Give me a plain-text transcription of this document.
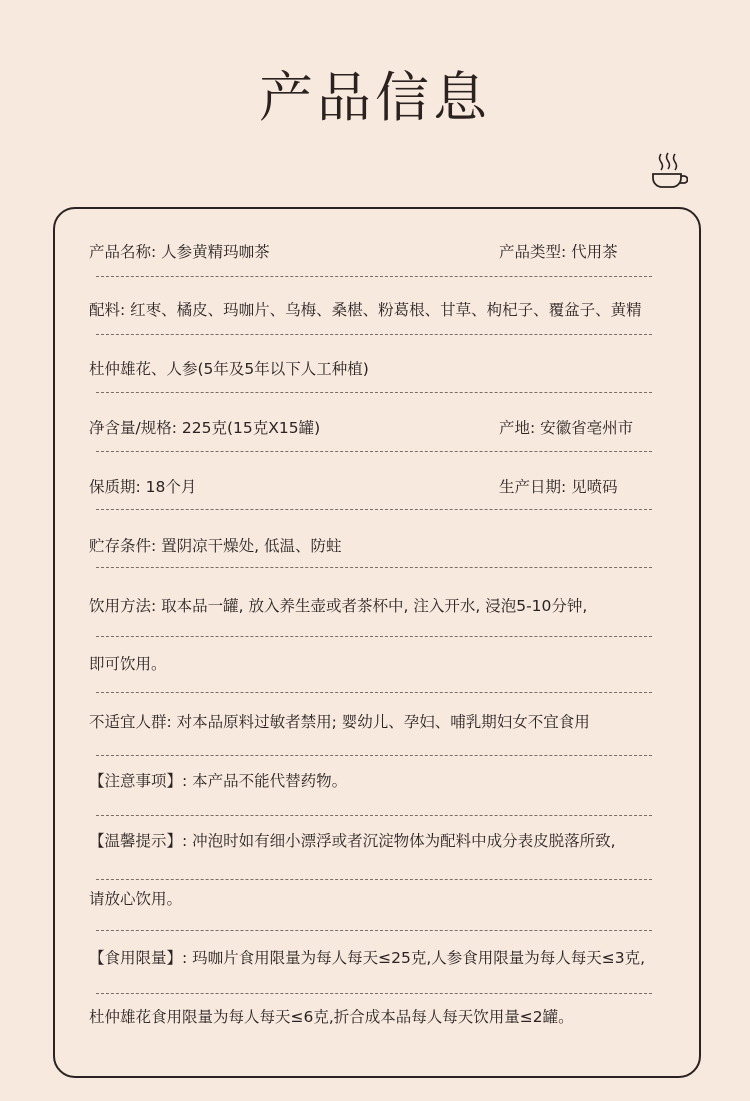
产品信息
产品名称: 人参黄精玛咖茶	产品类型: 代用茶
配料: 红枣、橘皮、玛咖片、乌梅、桑椹、粉葛根、甘草、枸杞子、覆盆子、黄精
杜仲雄花、人参(5年及5年以下人工种植)
净含量/规格: 225克(15克X15罐)	产地: 安徽省亳州市
保质期: 18个月	生产日期: 见喷码
贮存条件: 置阴凉干燥处, 低温、防蛀
饮用方法: 取本品一罐, 放入养生壶或者茶杯中, 注入开水, 浸泡5-10分钟,
即可饮用。
不适宜人群: 对本品原料过敏者禁用; 婴幼儿、孕妇、哺乳期妇女不宜食用
【注意事项】: 本产品不能代替药物。
【温馨提示】: 冲泡时如有细小漂浮或者沉淀物体为配料中成分表皮脱落所致,
请放心饮用。
【食用限量】: 玛咖片食用限量为每人每天≤25克,人参食用限量为每人每天≤3克,
杜仲雄花食用限量为每人每天≤6克,折合成本品每人每天饮用量≤2罐。
